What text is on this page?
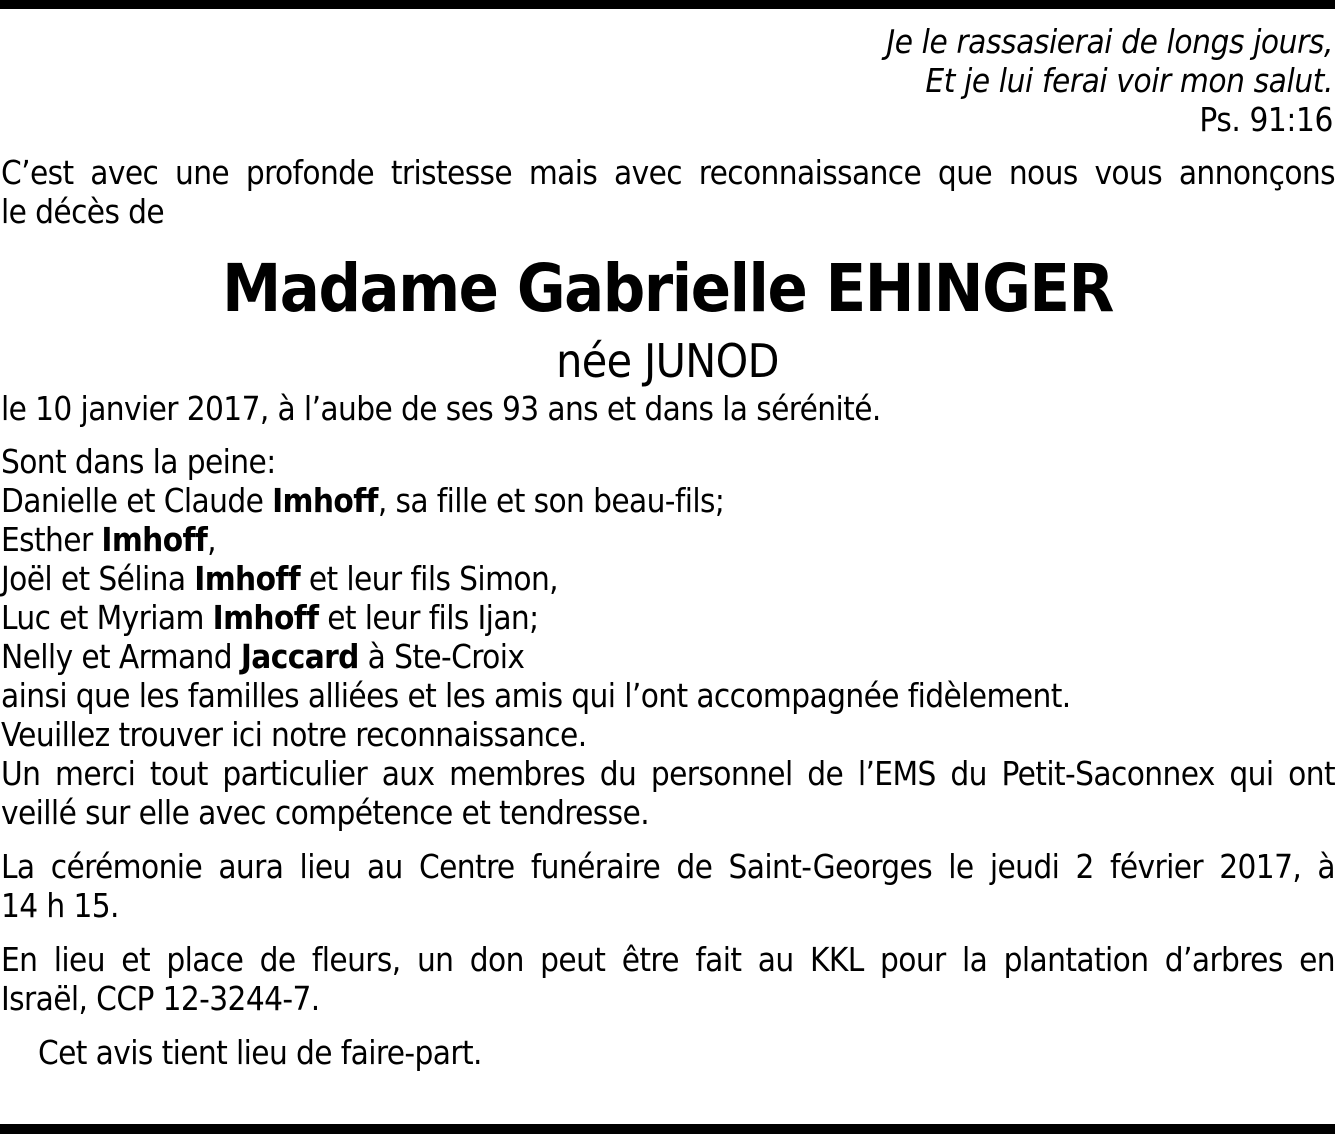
Je le rassasierai de longs jours,
Et je lui ferai voir mon salut.
Ps. 91:16
C’est avec une profonde tristesse mais avec reconnaissance que nous vous annonçons
le décès de
Madame Gabrielle EHINGER
née JUNOD
le 10 janvier 2017, à l’aube de ses 93 ans et dans la sérénité.
Sont dans la peine:
Danielle et Claude Imhoff, sa fille et son beau-fils;
Esther Imhoff,
Joël et Sélina Imhoff et leur fils Simon,
Luc et Myriam Imhoff et leur fils Ijan;
Nelly et Armand Jaccard à Ste-Croix
ainsi que les familles alliées et les amis qui l’ont accompagnée fidèlement.
Veuillez trouver ici notre reconnaissance.
Un merci tout particulier aux membres du personnel de l’EMS du Petit-Saconnex qui ont
veillé sur elle avec compétence et tendresse.
La cérémonie aura lieu au Centre funéraire de Saint-Georges le jeudi 2 février 2017, à
14 h 15.
En lieu et place de fleurs, un don peut être fait au KKL pour la plantation d’arbres en
Israël, CCP 12-3244-7.
Cet avis tient lieu de faire-part.
